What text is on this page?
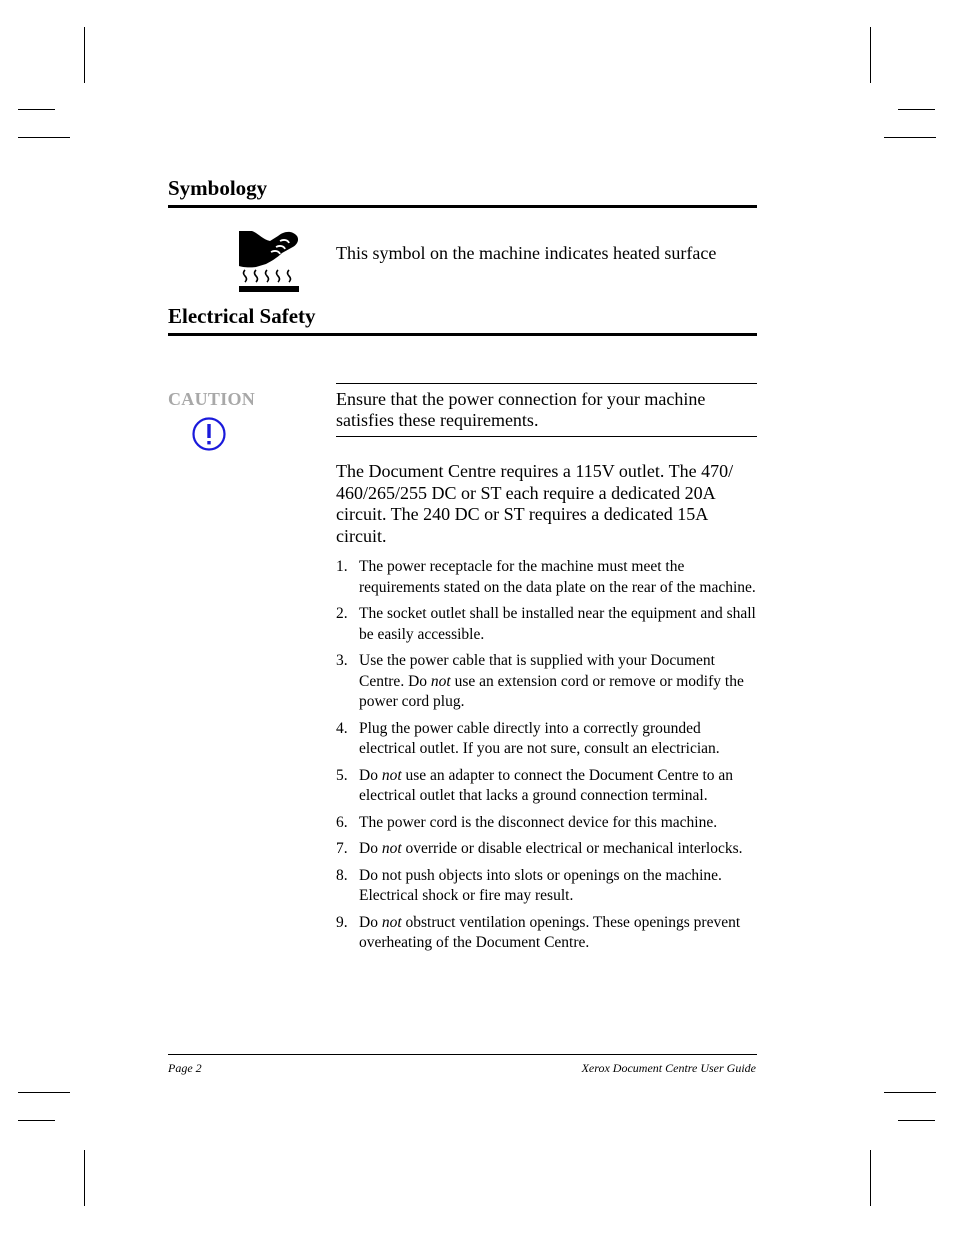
Symbology
This symbol on the machine indicates heated surface
Electrical Safety
CAUTION	Ensure that the power connection for your machine satisfies these requirements.
The Document Centre requires a 115V outlet. The 470/ 460/265/255 DC or ST each require a dedicated 20A circuit. The 240 DC or ST requires a dedicated 15A circuit.
1. The power receptacle for the machine must meet the requirements stated on the data plate on the rear of the machine.
2. The socket outlet shall be installed near the equipment and shall be easily accessible.
3. Use the power cable that is supplied with your Document Centre. Do not use an extension cord or remove or modify the power cord plug.
4. Plug the power cable directly into a correctly grounded electrical outlet. If you are not sure, consult an electrician.
5. Do not use an adapter to connect the Document Centre to an electrical outlet that lacks a ground connection terminal.
6. The power cord is the disconnect device for this machine.
7. Do not override or disable electrical or mechanical interlocks.
8. Do not push objects into slots or openings on the machine. Electrical shock or fire may result.
9. Do not obstruct ventilation openings. These openings prevent overheating of the Document Centre.
Page 2	Xerox Document Centre User Guide
